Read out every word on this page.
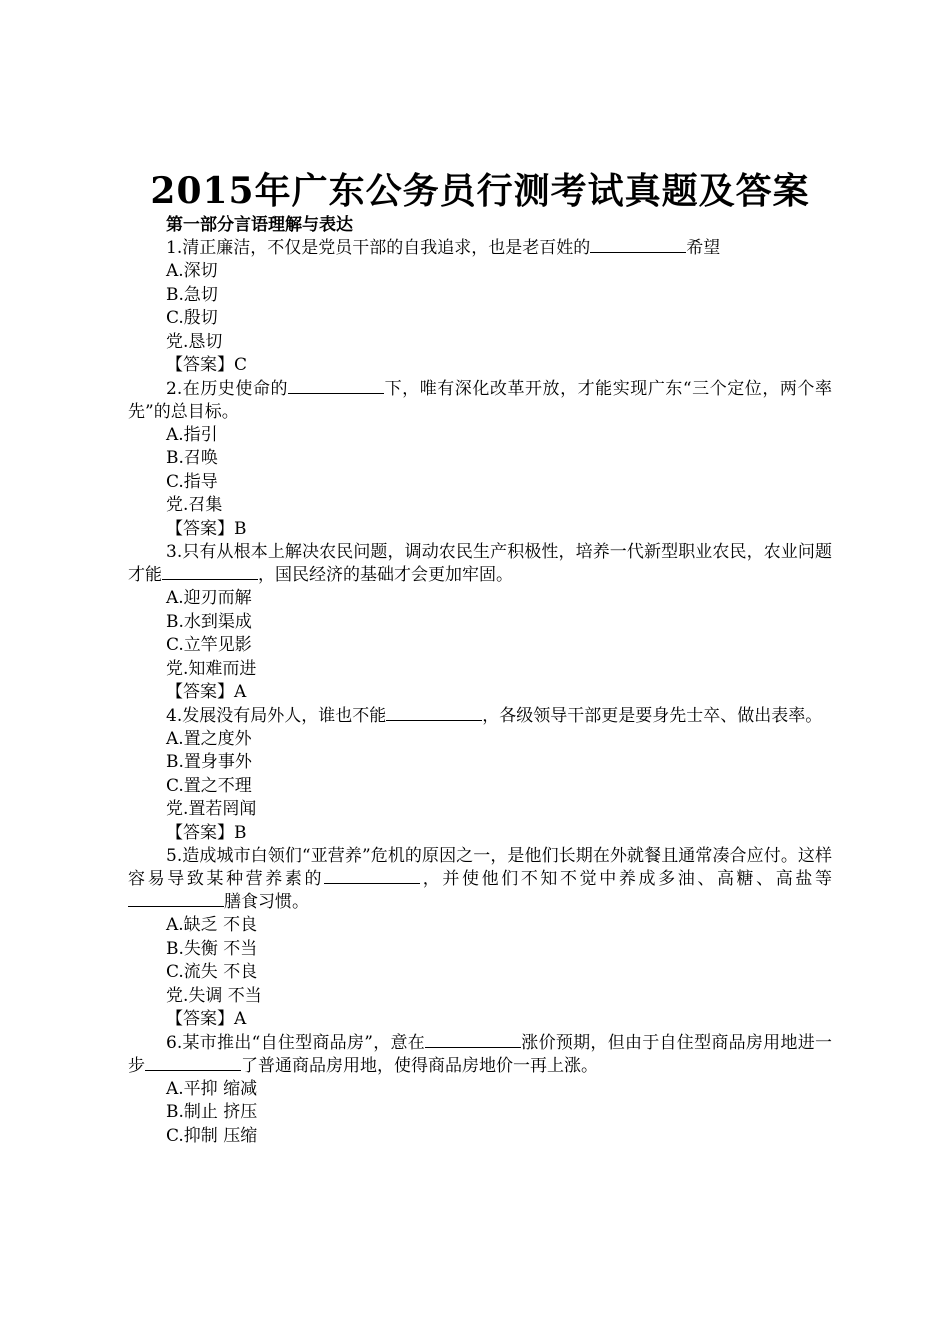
2015年广东公务员行测考试真题及答案
第一部分言语理解与表达
1.清正廉洁，不仅是党员干部的自我追求，也是老百姓的	希望
A.深切
B.急切
C.殷切
党.恳切
【答案】C
2.在历史使命的	下，唯有深化改革开放，才能实现广东“三个定位，两个率先”的总目标。
A.指引
B.召唤
C.指导
党.召集
【答案】B
3.只有从根本上解决农民问题，调动农民生产积极性，培养一代新型职业农民，农业问题才能	，国民经济的基础才会更加牢固。
A.迎刃而解
B.水到渠成
C.立竿见影
党.知难而进
【答案】A
4.发展没有局外人，谁也不能	，各级领导干部更是要身先士卒、做出表率。
A.置之度外
B.置身事外
C.置之不理
党.置若罔闻
【答案】B
5.造成城市白领们“亚营养”危机的原因之一，是他们长期在外就餐且通常凑合应付。这样容易导致某种营养素的	，并使他们不知不觉中养成多油、高糖、高盐等膳食习惯。
A.缺乏 不良
B.失衡 不当
C.流失 不良
党.失调 不当
【答案】A
6.某市推出“自住型商品房”，意在	涨价预期，但由于自住型商品房用地进一步	了普通商品房用地，使得商品房地价一再上涨。
A.平抑 缩减
B.制止 挤压
C.抑制 压缩
